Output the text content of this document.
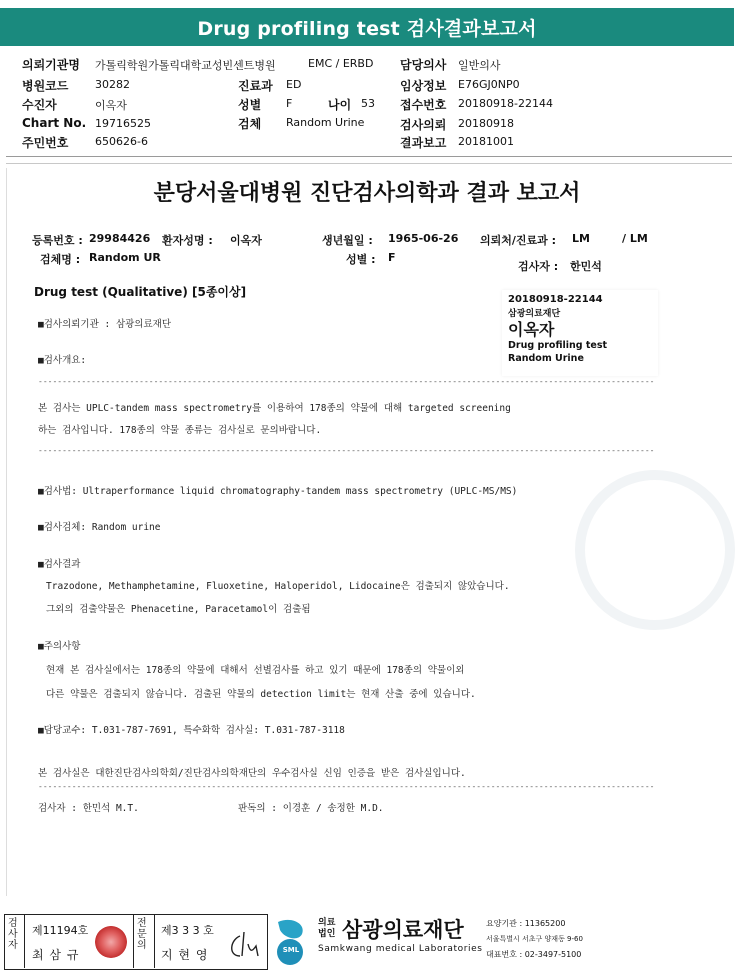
Drug profiling test 검사결과보고서
의뢰기관명 가톨릭학원가톨릭대학교성빈센트병원	EMC / ERBD 담당의사 일반의사
병원코드 30282	진료과 ED	임상정보 E76GJ0NP0
수진자	이옥자	성별 F	나이 53 접수번호 20180918-22144
Chart No. 19716525	검체 Random Urine	검사의뢰 20180918
주민번호 650626-6	결과보고 20181001
분당서울대병원 진단검사의학과 결과 보고서
등록번호 : 29984426 환자성명 : 이옥자	생년월일 : 1965-06-26 의뢰처/진료과 : LM	/ LM
검체명 : Random UR	성별 : F
검사자 : 한민석
Drug test (Qualitative) [5종이상]
20180918-22144
삼광의료재단
이옥자
Drug profiling test
Random Urine
■검사의뢰기관 : 삼광의료재단
■검사개요:
--------------------------------------------------------------------------------------------------------------------------------
본 검사는 UPLC-tandem mass spectrometry를 이용하여 178종의 약물에 대해 targeted screening
하는 검사입니다. 178종의 약물 종류는 검사실로 문의바랍니다.
--------------------------------------------------------------------------------------------------------------------------------
■검사법: Ultraperformance liquid chromatography-tandem mass spectrometry (UPLC-MS/MS)
■검사검체: Random urine
■검사결과
Trazodone, Methamphetamine, Fluoxetine, Haloperidol, Lidocaine은 검출되지 않았습니다.
그외의 검출약물은 Phenacetine, Paracetamol이 검출됨
■주의사항
현재 본 검사실에서는 178종의 약물에 대해서 선별검사를 하고 있기 때문에 178종의 약물이외
다른 약물은 검출되지 않습니다. 검출된 약물의 detection limit는 현재 산출 중에 있습니다.
■담당교수: T.031-787-7691, 특수화학 검사실: T.031-787-3118
본 검사실은 대한진단검사의학회/진단검사의학재단의 우수검사실 신임 인증을 받은 검사실입니다.
--------------------------------------------------------------------------------------------------------------------------------
검사자 : 한민석 M.T.	판독의 : 이경훈 / 송정한 M.D.
검사자
제11194호
최 삼 규
전문의
제3 3 3 호
지 현 영	SML
의료
법인 삼광의료재단
Samkwang medical Laboratories
요양기관 : 11365200
서울특별시 서초구 양재동 9-60
대표번호 : 02-3497-5100
